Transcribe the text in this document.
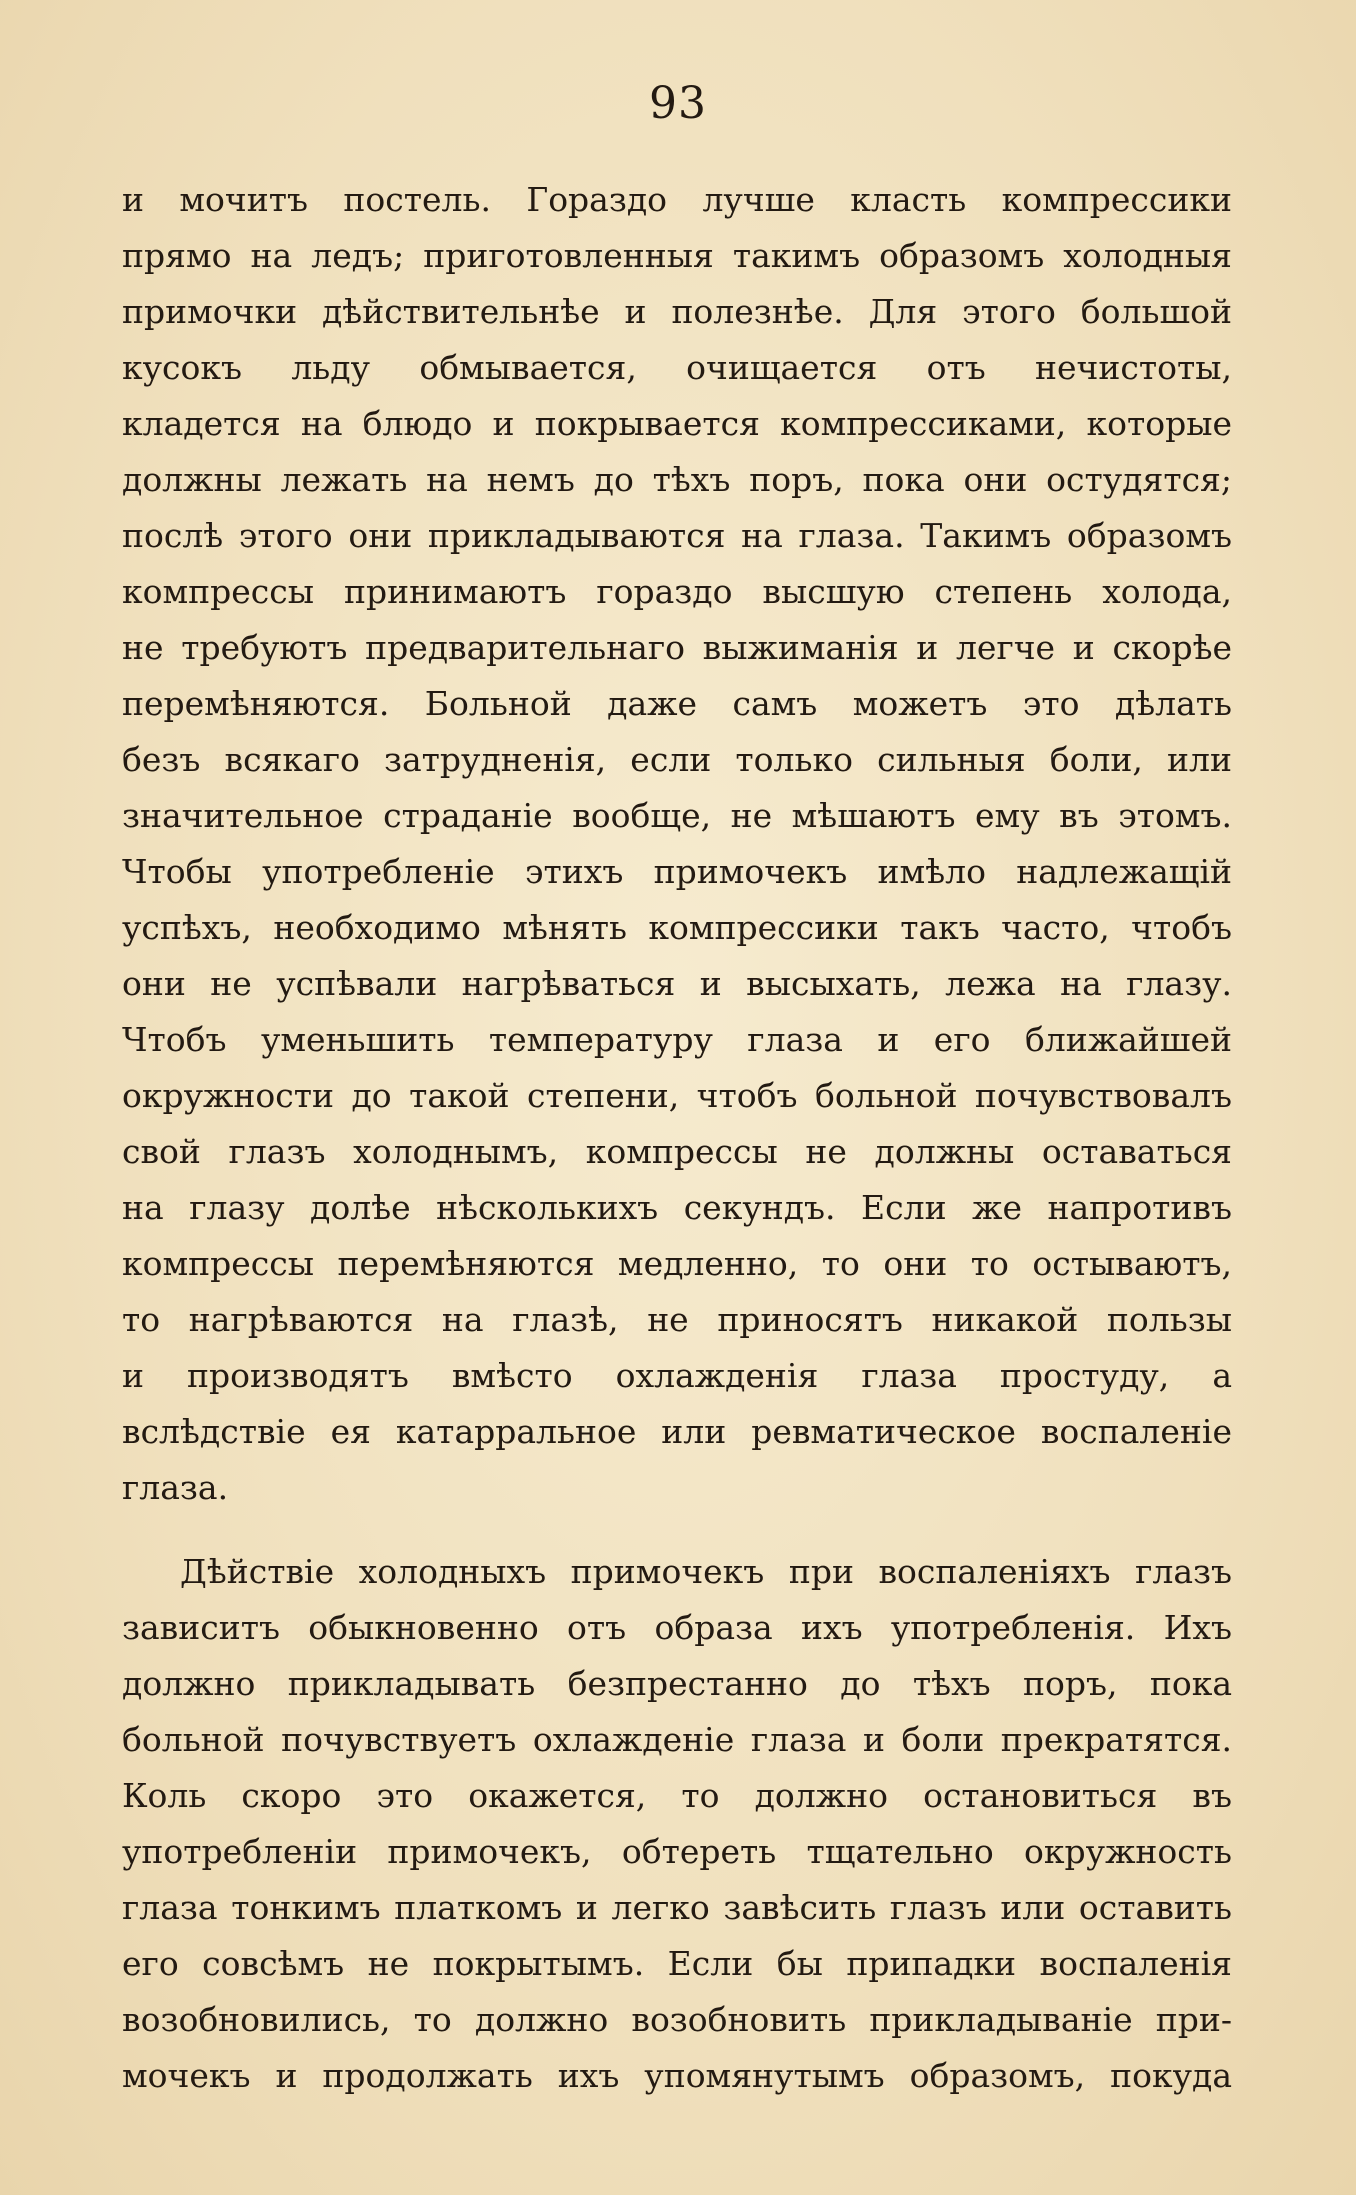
93
и мочитъ постель. Гораздо лучше класть компрессики
прямо на ледъ; приготовленныя такимъ образомъ холодныя
примочки дѣйствительнѣе и полезнѣе. Для этого большой
кусокъ льду обмывается, очищается отъ нечистоты,
кладется на блюдо и покрывается компрессиками, которые
должны лежать на немъ до тѣхъ поръ, пока они остудятся;
послѣ этого они прикладываются на глаза. Такимъ образомъ
компрессы принимаютъ гораздо высшую степень холода,
не требуютъ предварительнаго выжиманія и легче и скорѣе
перемѣняются. Больной даже самъ можетъ это дѣлать
безъ всякаго затрудненія, если только сильныя боли, или
значительное страданіе вообще, не мѣшаютъ ему въ этомъ.
Чтобы употребленіе этихъ примочекъ имѣло надлежащій
успѣхъ, необходимо мѣнять компрессики такъ часто, чтобъ
они не успѣвали нагрѣваться и высыхать, лежа на глазу.
Чтобъ уменьшить температуру глаза и его ближайшей
окружности до такой степени, чтобъ больной почувствовалъ
свой глазъ холоднымъ, компрессы не должны оставаться
на глазу долѣе нѣсколькихъ секундъ. Если же напротивъ
компрессы перемѣняются медленно, то они то остываютъ,
то нагрѣваются на глазѣ, не приносятъ никакой пользы
и производятъ вмѣсто охлажденія глаза простуду, а
вслѣдствіе ея катарральное или ревматическое воспаленіе
глаза.
Дѣйствіе холодныхъ примочекъ при воспаленіяхъ глазъ
зависитъ обыкновенно отъ образа ихъ употребленія. Ихъ
должно прикладывать безпрестанно до тѣхъ поръ, пока
больной почувствуетъ охлажденіе глаза и боли прекратятся.
Коль скоро это окажется, то должно остановиться въ
употребленіи примочекъ, обтереть тщательно окружность
глаза тонкимъ платкомъ и легко завѣсить глазъ или оставить
его совсѣмъ не покрытымъ. Если бы припадки воспаленія
возобновились, то должно возобновить прикладываніе при-
мочекъ и продолжать ихъ упомянутымъ образомъ, покуда
